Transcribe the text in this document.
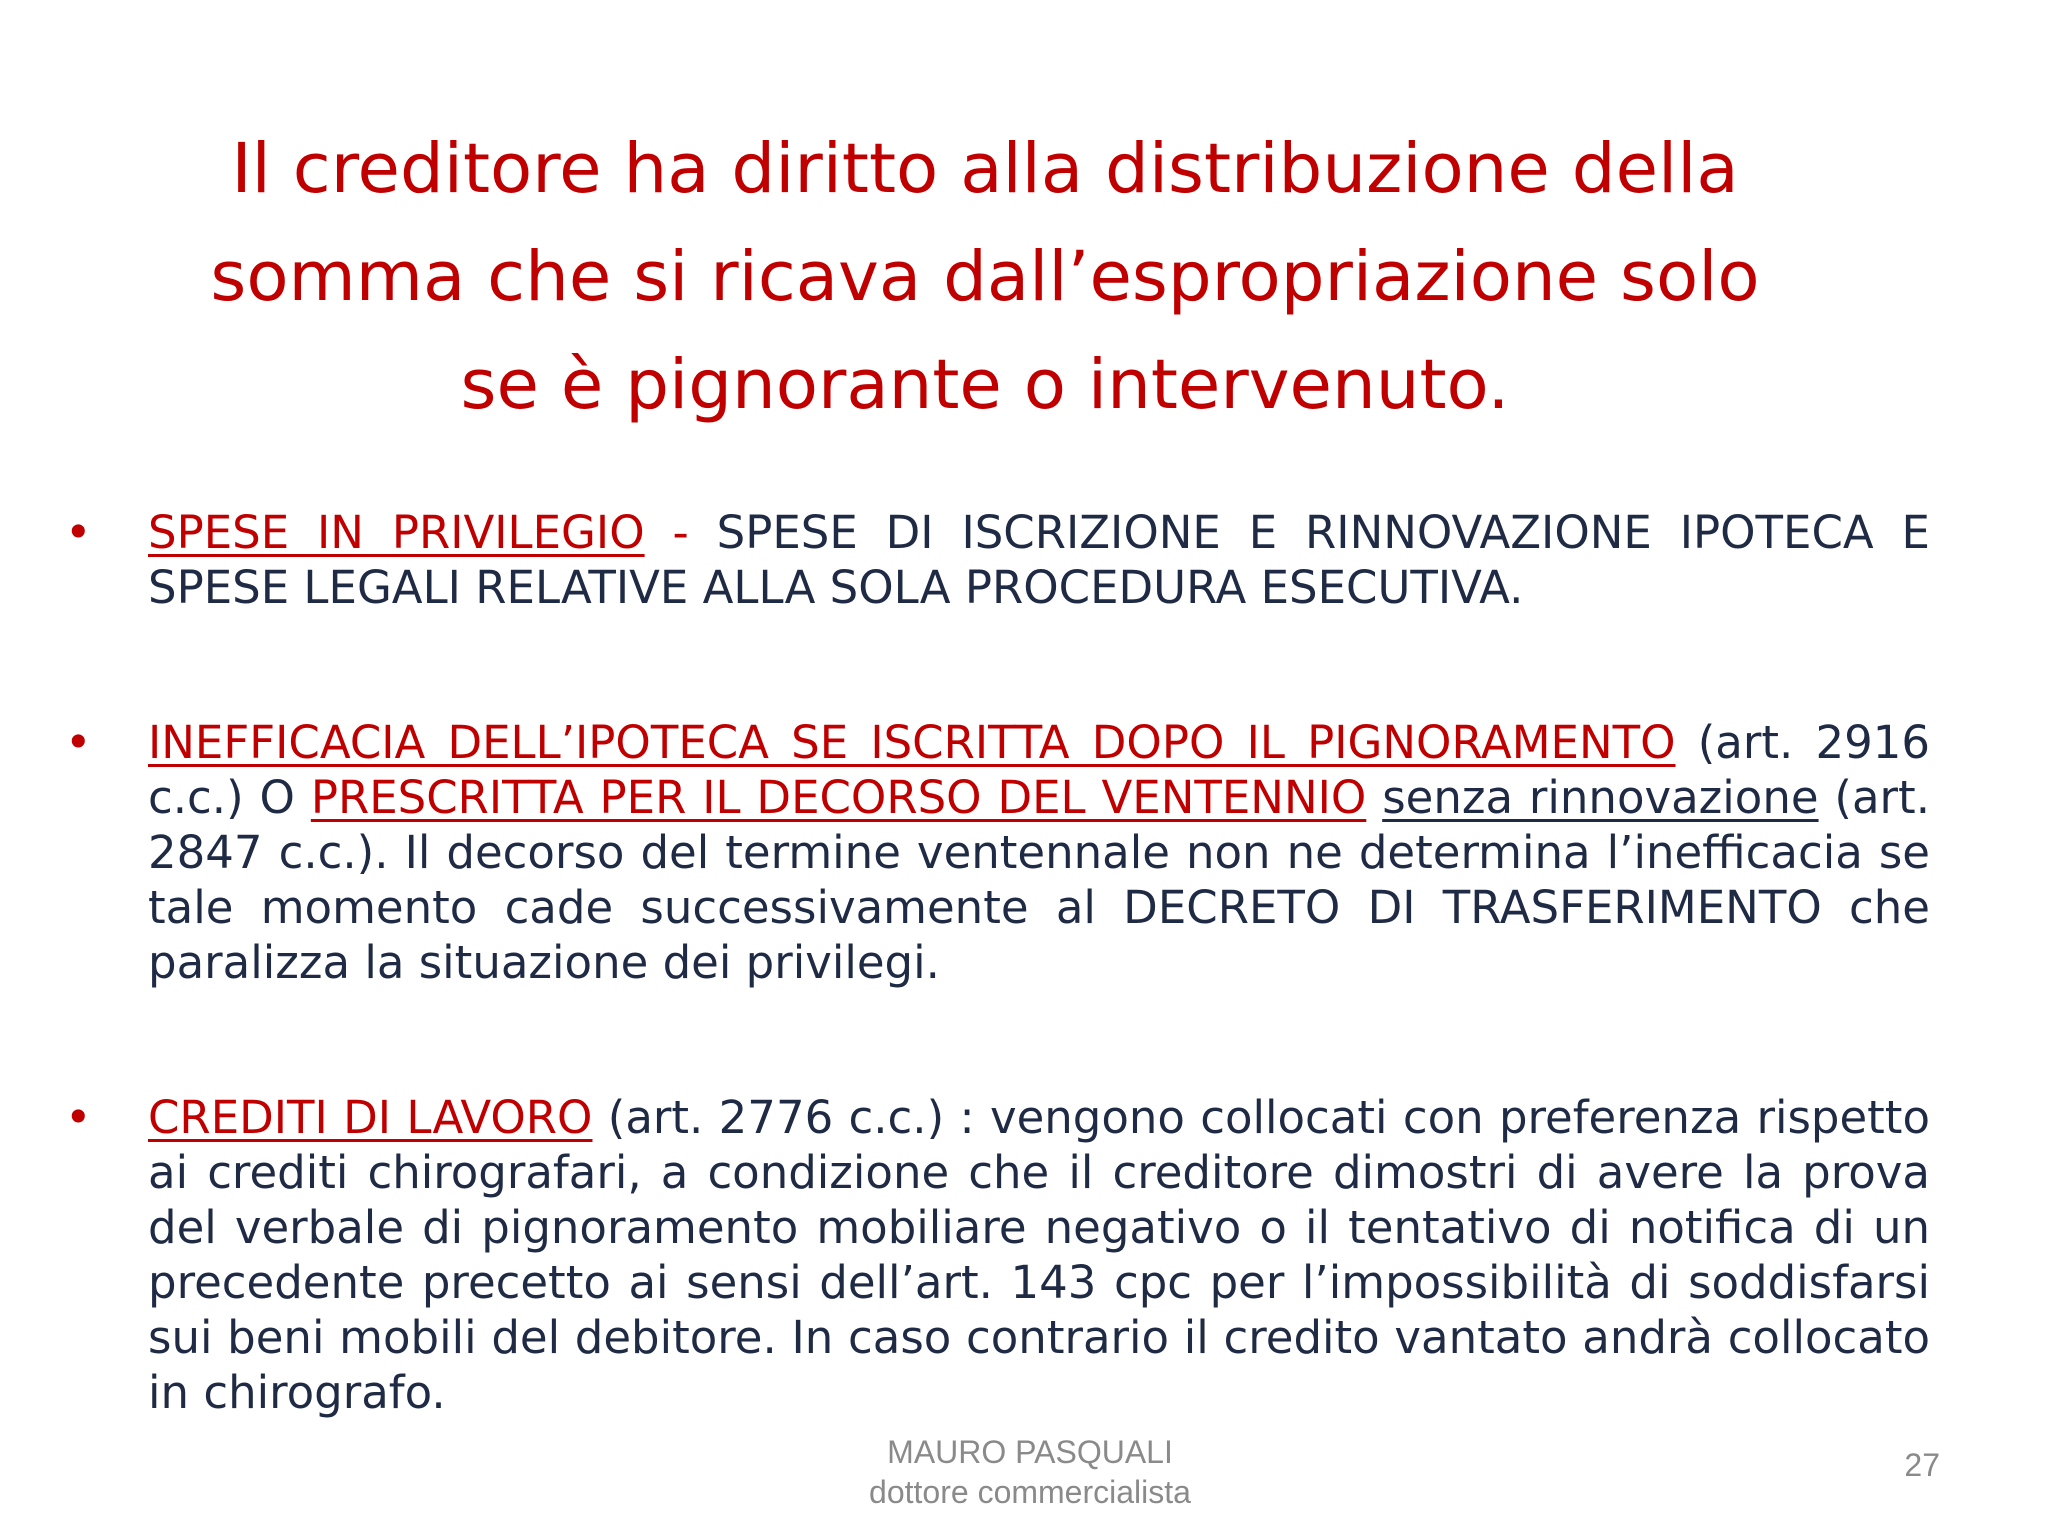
Il creditore ha diritto alla distribuzione della
somma che si ricava dall’espropriazione solo
se è pignorante o intervenuto.
• SPESE IN PRIVILEGIO - SPESE DI ISCRIZIONE E RINNOVAZIONE IPOTECA E SPESE LEGALI RELATIVE ALLA SOLA PROCEDURA ESECUTIVA.
• INEFFICACIA DELL’IPOTECA SE ISCRITTA DOPO IL PIGNORAMENTO (art. 2916 c.c.) O PRESCRITTA PER IL DECORSO DEL VENTENNIO senza rinnovazione (art. 2847 c.c.). Il decorso del termine ventennale non ne determina l’inefficacia se tale momento cade successivamente al DECRETO DI TRASFERIMENTO che paralizza la situazione dei privilegi.
• CREDITI DI LAVORO (art. 2776 c.c.) : vengono collocati con preferenza rispetto ai crediti chirografari, a condizione che il creditore dimostri di avere la prova del verbale di pignoramento mobiliare negativo o il tentativo di notifica di un precedente precetto ai sensi dell’art. 143 cpc per l’impossibilità di soddisfarsi sui beni mobili del debitore. In caso contrario il credito vantato andrà collocato in chirografo.
MAURO PASQUALI
dottore commercialista
27
